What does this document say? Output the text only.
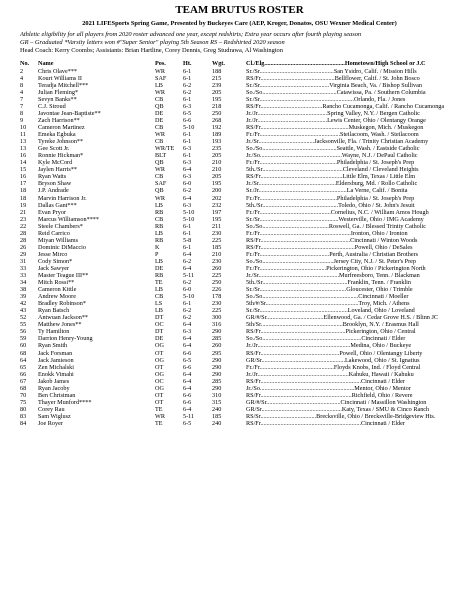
TEAM BRUTUS ROSTER
2021 LIFESports Spring Game, Presented by Buckeyes Care (AEP, Kroger, Donatos, OSU Wexner Medical Center)
Athletic eligibility for all players from 2020 roster advanced one year, except redshirts; Extra year occurs after fourth playing season
GR – Graduated *Varsity letters won #"Super Senior" playing 5th Season RS – Redshirted 2020 season
Head Coach: Kerry Coombs; Assistants: Brian Hartline, Corey Dennis, Greg Studrawa, Al Washington
No.	Name	Pos.	Ht.	Wgt.	Cl./Elg....................................................Hometown/High School or J.C
2	Chris Olave***	WR	6-1	188	Sr./Sr................................................San Ysidro, Calif. / Mission Hills
4	Kourt Williams II	SAF	6-1	215	RS/Fr................................................Bellflower, Calif. / St. John Bosco
8	Teradja Mitchell***	LB	6-2	239	Sr./Sr.............................................Virginia Beach, Va. / Bishop Sullivan
4	Julian Fleming*	WR	6-2	205	So./So................................................Catawissa, Pa. / Southern Columbia
7	Sevyn Banks**	CB	6-1	195	Sr./Sr.............................................................Orlando, Fla. / Jones
7	C.J. Stroud	QB	6-3	218	RS/Fr........................................Rancho Cucamonga, Calif. / Rancho Cucamonga
8	Javontae Jean-Baptiste**	DE	6-5	250	Jr./Jr.............................................Spring Valley, N.Y. / Bergen Catholic
9	Zach Harrison**	DE	6-6	268	Jr./Jr.............................................Lewis Center, Ohio / Olentangy Orange
10	Cameron Martinez	CB	5-10	192	RS/Fr.........................................................Muskegon, Mich. / Muskegon
11	Emeka Egbuka	WR	6-1	189	Fr./Fr....................................................Steilacoom, Wash. / Steilacoom
13	Tyreke Johnson**	CB	6-1	193	Jr./Sr....................................Jacksonville, Fla. / Trinity Christian Academy
13	Gee Scott Jr.	WR/TE	6-3	235	So./So................................................Seattle, Wash. / Eastside Catholic
16	Ronnie Hickman*	BLT	6-1	205	Jr./So.....................................................Wayne, N.J. / DePaul Catholic
14	Kyle McCord	QB	6-3	210	Fr./Fr..................................................Philadelphia / St. Joseph's Prep
15	Jaylen Harris**	WR	6-4	210	5th./Sr....................................................Cleveland / Cleveland Heights
16	Ryan Watts	CB	6-3	205	RS/Fr.....................................................Little Elm, Texas / Little Elm
17	Bryson Shaw	SAF	6-0	195	Jr./Sr..................................................Eldersburg, Md. / Rollo Catholic
18	J.P. Andrade	QB	6-2	200	Sr./Jr.........................................................La Verne, Calif. / Bonita
18	Marvin Harrison Jr.	WR	6-4	202	Fr./Fr..................................................Philadelphia / St. Joseph's Prep
19	Dallas Gant***	LB	6-3	232	5th./Sr.................................................Toledo, Ohio / St. John's Jesuit
21	Evan Pryor	RB	5-10	197	Fr./Fr..............................................Cornelius, N.C. / William Amos Hough
23	Marcus Williamson****	CB	5-10	195	Sr./Sr...................................................Westerville, Ohio / IMG Academy
22	Steele Chambers*	RB	6-1	211	So./So...........................................Roswell, Ga. / Blessed Trinity Catholic
28	Reid Carrico	LB	6-1	230	Fr./Fr...........................................................Ironton, Ohio / Ironton
28	Miyan Williams	RB	5-8	225	RS/Fr..........................................................Cincinnati / Winton Woods
26	Dominic DiMaccio	K	6-1	185	RS/Fr.............................................................Powell, Ohio / DeSales
29	Jesse Mirco	P	6-4	210	Fr./Fr.............................................Perth, Australia / Christian Brothers
31	Cody Simon*	LB	6-2	230	So./So..............................................Jersey City, N.J. / St. Peter's Prep
33	Jack Sawyer	DE	6-4	260	Fr./Fr...........................................Pickerington, Ohio / Pickerington North
33	Master Teague III**	RB	5-11	225	Jr./Sr....................................................Murfreesboro, Tenn. / Blackman
34	Mitch Rossi**	TE	6-2	250	5th./Sr.......................................................Franklin, Tenn. / Franklin
38	Cameron Kittle	LB	6-0	226	Sr./Sr........................................................Gloucester, Ohio / Trimble
39	Andrew Moore	CB	5-10	178	So./So..............................................................Cincinnati / Moeller
42	Bradley Robinson*	LS	6-1	230	5th/#/Sr............................................................Troy, Mich. / Athens
43	Ryan Batsch	LB	6-2	225	Sr./Sr.........................................................Loveland, Ohio / Loveland
52	Antwuan Jackson**	DT	6-2	300	GR/#/Sr.....................................Ellenwood, Ga. / Cedar Grove H.S. / Blinn JC
55	Matthew Jones**	OC	6-4	316	5th/Sr.....................................................Brooklyn, N.Y. / Erasmus Hall
56	Ty Hamilton	DT	6-3	290	RS/Fr.......................................................Pickerington, Ohio / Central
59	Darrion Henry-Young	DE	6-4	285	So./So................................................................Cincinnati / Elder
60	Ryan Smith	OG	6-4	260	Jr./Jr............................................................Medina, Ohio / Buckeye
68	Jack Forsman	OT	6-6	295	RS/Fr...................................................Powell, Ohio / Olentangy Liberty
64	Jack Jamieson	OG	6-5	290	GR/Sr......................................................Lakewood, Ohio / St. Ignatius
65	Zen Michalski	OT	6-6	290	Fr./Fr................................................Floyds Knobs, Ind. / Floyd Central
66	Enokk Vimahi	OG	6-4	290	Jr./Jr...........................................................Kahuku, Hawaii / Kahuku
67	Jakob James	OC	6-4	285	RS/Fr.................................................................Cincinnati / Elder
68	Ryan Jacoby	OG	6-4	290	Jr./So.............................................................Mentor, Ohio / Mentor
70	Ben Christman	OT	6-6	310	RS/Fr...........................................................Richfield, Ohio / Revere
75	Thayer Munford****	OT	6-6	315	GR/#/Sr................................................Cincinnati / Massillon Washington
80	Corey Rau	TE	6-4	240	GR/Sr....................................................Katy, Texas / SMU & Cinco Ranch
83	Sam Wiglusz	WR	5-11	185	RS/Sr....................................Brecksville, Ohio / Brecksville-Bridgeview Hts.
84	Joe Royer	TE	6-5	240	RS/Fr.................................................................Cincinnati / Elder
